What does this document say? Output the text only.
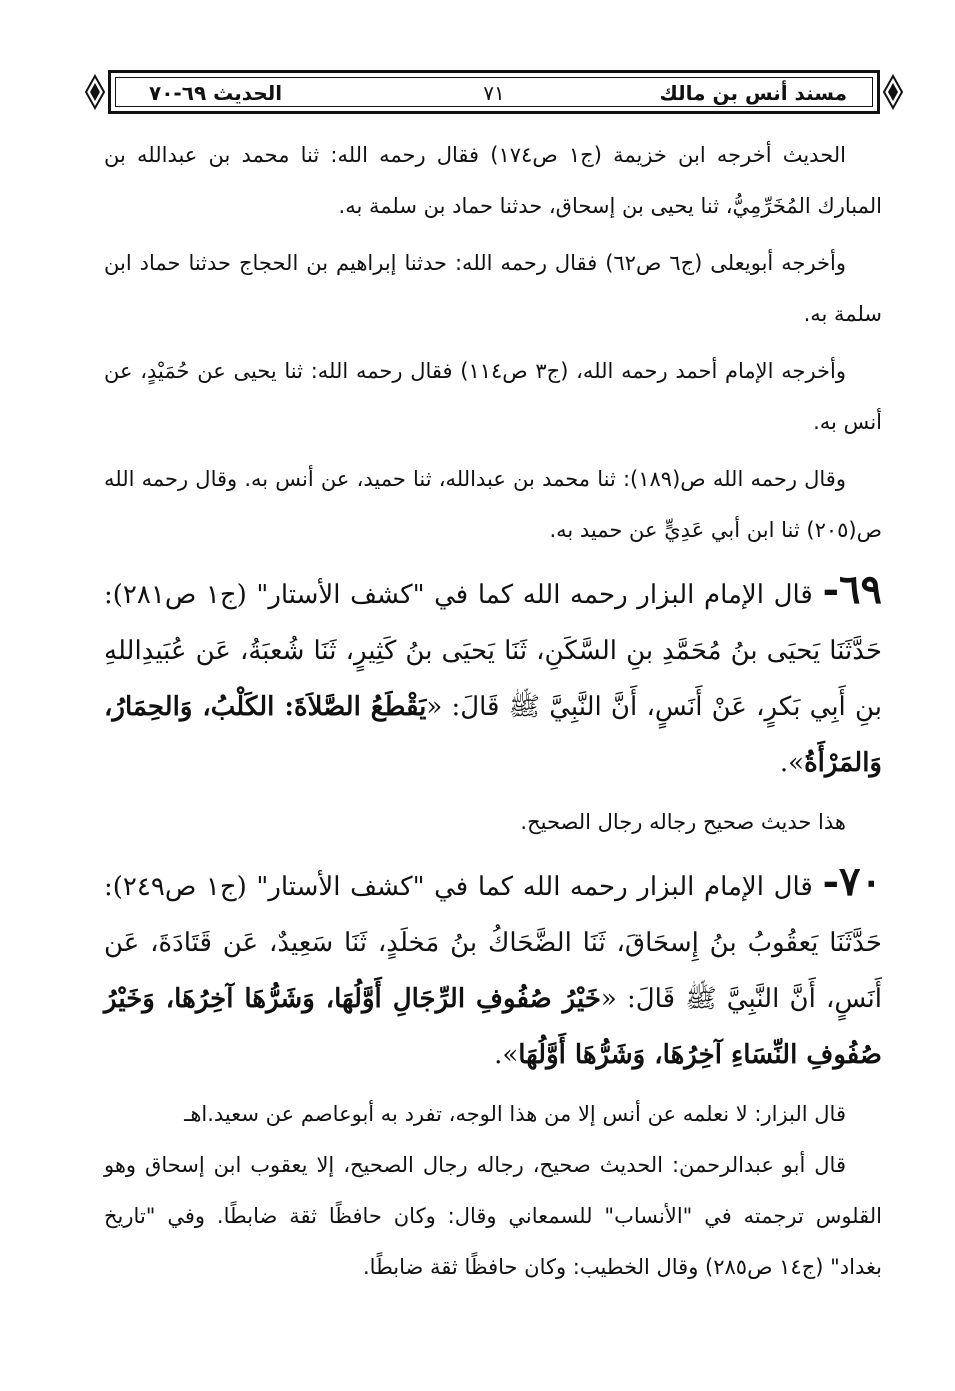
مسند أنس بن مالك
٧١
الحديث ٦٩-٧٠

الحديث أخرجه ابن خزيمة (ج١ ص١٧٤) فقال رحمه الله: ثنا محمد بن عبدالله بن المبارك المُخَرِّمِيُّ، ثنا يحيى بن إسحاق، حدثنا حماد بن سلمة به.

وأخرجه أبويعلى (ج٦ ص٦٢) فقال رحمه الله: حدثنا إبراهيم بن الحجاج حدثنا حماد ابن سلمة به.

وأخرجه الإمام أحمد رحمه الله، (ج٣ ص١١٤) فقال رحمه الله: ثنا يحيى عن حُمَيْدٍ، عن أنس به.

وقال رحمه الله ص(١٨٩): ثنا محمد بن عبدالله، ثنا حميد، عن أنس به. وقال رحمه الله ص(٢٠٥) ثنا ابن أبي عَدِيٍّ عن حميد به.

٦٩- قال الإمام البزار رحمه الله كما في "كشف الأستار" (ج١ ص٢٨١): حَدَّثَنَا يَحيَى بنُ مُحَمَّدِ بنِ السَّكَنِ، ثَنَا يَحيَى بنُ كَثِيرٍ، ثَنَا شُعبَةُ، عَن عُبَيدِاللهِ بنِ أَبِي بَكرٍ، عَنْ أَنَسٍ، أَنَّ النَّبِيَّ ﷺ قَالَ: «يَقْطَعُ الصَّلاَةَ: الكَلْبُ، وَالحِمَارُ، وَالمَرْأَةُ».

هذا حديث صحيح رجاله رجال الصحيح.

٧٠- قال الإمام البزار رحمه الله كما في "كشف الأستار" (ج١ ص٢٤٩): حَدَّثَنَا يَعقُوبُ بنُ إِسحَاقَ، ثَنَا الضَّحَاكُ بنُ مَخلَدٍ، ثَنَا سَعِيدٌ، عَن قَتَادَةَ، عَن أَنَسٍ، أَنَّ النَّبِيَّ ﷺ قَالَ: «خَيْرُ صُفُوفِ الرِّجَالِ أَوَّلُهَا، وَشَرُّهَا آخِرُهَا، وَخَيْرُ صُفُوفِ النِّسَاءِ آخِرُهَا، وَشَرُّهَا أَوَّلُهَا».

قال البزار: لا نعلمه عن أنس إلا من هذا الوجه، تفرد به أبوعاصم عن سعيد.اهـ

قال أبو عبدالرحمن: الحديث صحيح، رجاله رجال الصحيح، إلا يعقوب ابن إسحاق وهو القلوس ترجمته في "الأنساب" للسمعاني وقال: وكان حافظًا ثقة ضابطًا. وفي "تاريخ بغداد" (ج١٤ ص٢٨٥) وقال الخطيب: وكان حافظًا ثقة ضابطًا.
